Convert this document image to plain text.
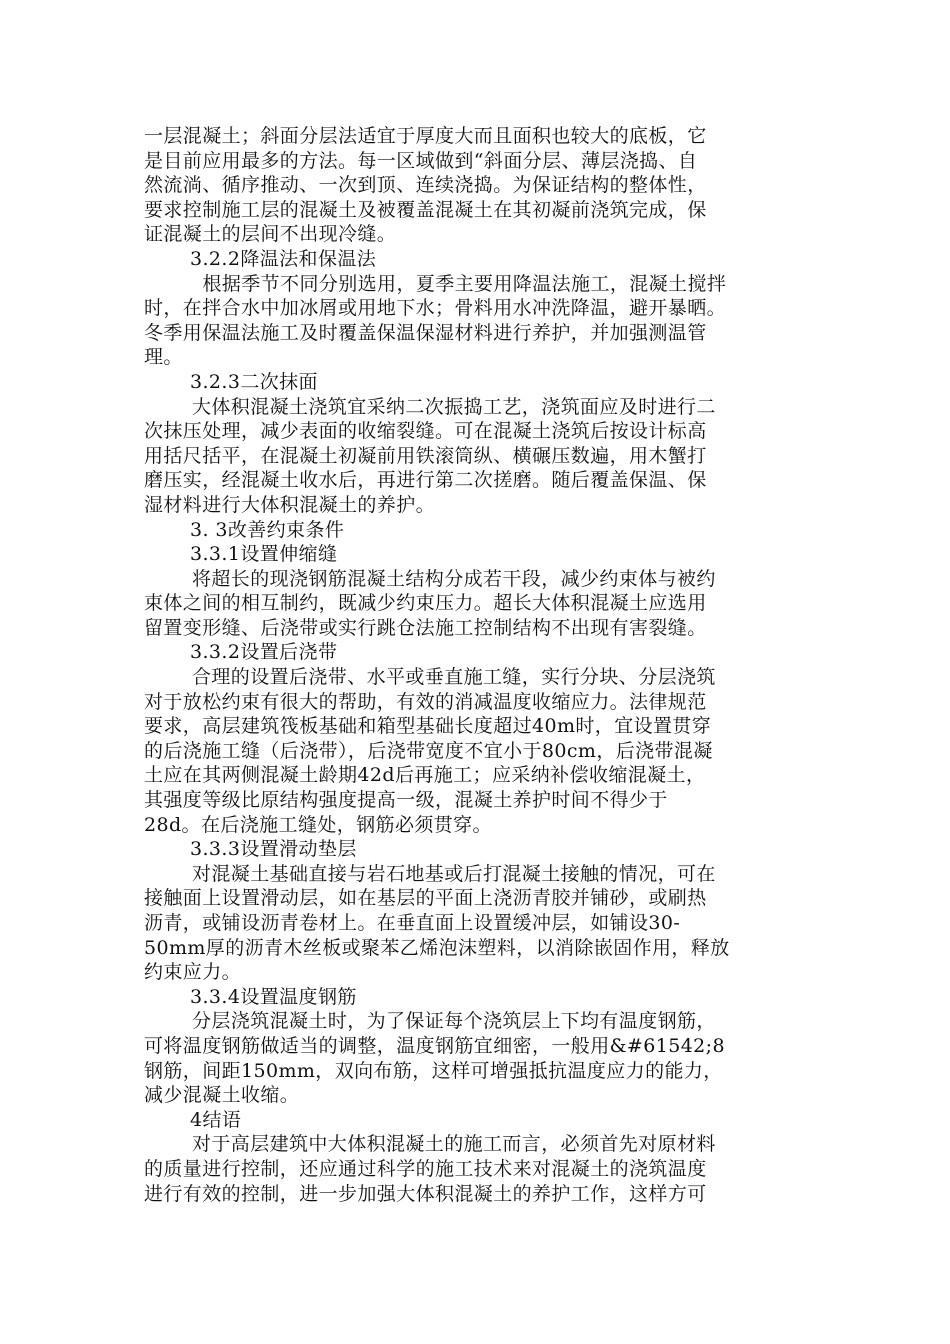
一层混凝土；斜面分层法适宜于厚度大而且面积也较大的底板，它
是目前应用最多的方法。每一区域做到“斜面分层、薄层浇捣、自
然流淌、循序推动、一次到顶、连续浇捣。为保证结构的整体性，
要求控制施工层的混凝土及被覆盖混凝土在其初凝前浇筑完成，保
证混凝土的层间不出现冷缝。
3.2.2降温法和保温法
根据季节不同分别选用，夏季主要用降温法施工，混凝土搅拌
时，在拌合水中加冰屑或用地下水；骨料用水冲洗降温，避开暴晒。
冬季用保温法施工及时覆盖保温保湿材料进行养护，并加强测温管
理。
3.2.3二次抹面
大体积混凝土浇筑宜采纳二次振捣工艺，浇筑面应及时进行二
次抹压处理，减少表面的收缩裂缝。可在混凝土浇筑后按设计标高
用括尺括平，在混凝土初凝前用铁滚筒纵、横碾压数遍，用木蟹打
磨压实，经混凝土收水后，再进行第二次搓磨。随后覆盖保温、保
湿材料进行大体积混凝土的养护。
3. 3改善约束条件
3.3.1设置伸缩缝
将超长的现浇钢筋混凝土结构分成若干段，减少约束体与被约
束体之间的相互制约，既减少约束压力。超长大体积混凝土应选用
留置变形缝、后浇带或实行跳仓法施工控制结构不出现有害裂缝。
3.3.2设置后浇带
合理的设置后浇带、水平或垂直施工缝，实行分块、分层浇筑
对于放松约束有很大的帮助，有效的消减温度收缩应力。法律规范
要求，高层建筑筏板基础和箱型基础长度超过40m时，宜设置贯穿
的后浇施工缝（后浇带），后浇带宽度不宜小于80cm，后浇带混凝
土应在其两侧混凝土龄期42d后再施工；应采纳补偿收缩混凝土，
其强度等级比原结构强度提高一级，混凝土养护时间不得少于
28d。在后浇施工缝处，钢筋必须贯穿。
3.3.3设置滑动垫层
对混凝土基础直接与岩石地基或后打混凝土接触的情况，可在
接触面上设置滑动层，如在基层的平面上浇沥青胶并铺砂，或刷热
沥青，或铺设沥青卷材上。在垂直面上设置缓冲层，如铺设30-
50mm厚的沥青木丝板或聚苯乙烯泡沫塑料，以消除嵌固作用，释放
约束应力。
3.3.4设置温度钢筋
分层浇筑混凝土时，为了保证每个浇筑层上下均有温度钢筋，
可将温度钢筋做适当的调整，温度钢筋宜细密，一般用&#61542;8
钢筋，间距150mm，双向布筋，这样可增强抵抗温度应力的能力，
减少混凝土收缩。
4结语
对于高层建筑中大体积混凝土的施工而言，必须首先对原材料
的质量进行控制，还应通过科学的施工技术来对混凝土的浇筑温度
进行有效的控制，进一步加强大体积混凝土的养护工作，这样方可
